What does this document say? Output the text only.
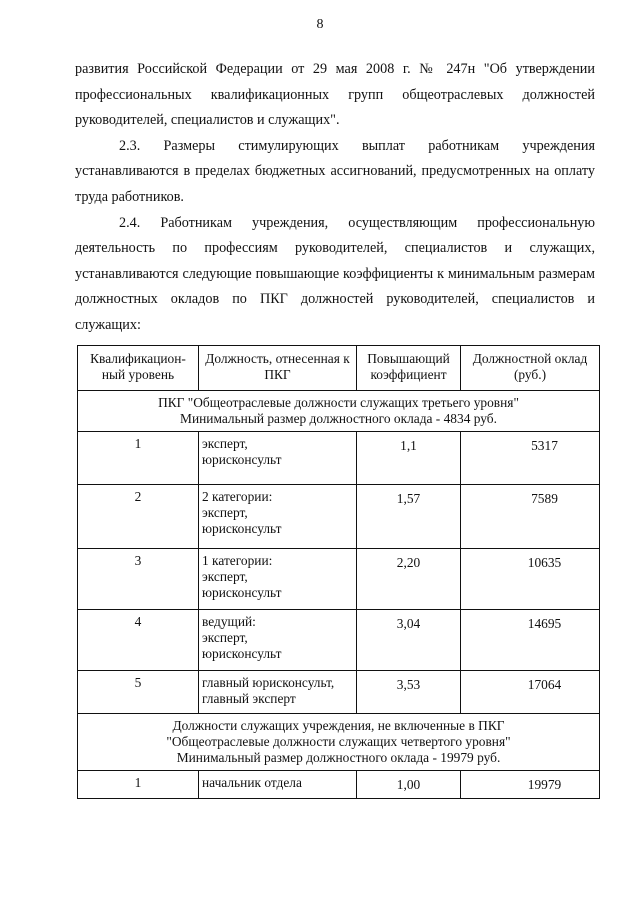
8

развития Российской Федерации от 29 мая 2008 г. № 247н "Об утверждении профессиональных квалификационных групп общеотраслевых должностей руководителей, специалистов и служащих".

2.3. Размеры стимулирующих выплат работникам учреждения устанавливаются в пределах бюджетных ассигнований, предусмотренных на оплату труда работников.

2.4. Работникам учреждения, осуществляющим профессиональную деятельность по профессиям руководителей, специалистов и служащих, устанавливаются следующие повышающие коэффициенты к минимальным размерам должностных окладов по ПКГ должностей руководителей, специалистов и служащих:

Квалификацион-ный уровень	Должность, отнесенная к ПКГ	Повышающий коэффициент	Должностной оклад (руб.)

ПКГ "Общеотраслевые должности служащих третьего уровня"
Минимальный размер должностного оклада - 4834 руб.			

1	эксперт,
юрисконсульт	1,1	5317
2	2 категории:
эксперт,
юрисконсульт	1,57	7589
3	1 категории:
эксперт,
юрисконсульт	2,20	10635
4	ведущий:
эксперт,
юрисконсульт	3,04	14695
5	главный юрисконсульт,
главный эксперт	3,53	17064

Должности служащих учреждения, не включенные в ПКГ
"Общеотраслевые должности служащих четвертого уровня"
Минимальный размер должностного оклада - 19979 руб.			

1	начальник отдела	1,00	19979
